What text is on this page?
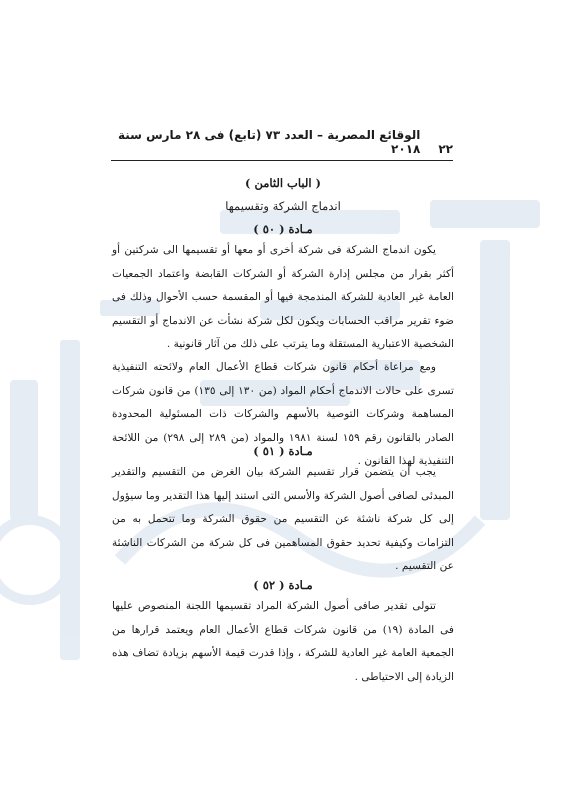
٢٢
الوقائع المصرية – العدد ٧٣ (تابع) فى ٢٨ مارس سنة ٢٠١٨

( الباب الثامن )

اندماج الشركة وتقسيمها

مـادة ( ٥٠ )

يكون اندماج الشركة فى شركة أخرى أو معها أو تقسيمها الى شركتين أو أكثر بقرار من مجلس إدارة الشركة أو الشركات القابضة واعتماد الجمعيات العامة غير العادية للشركة المندمجة فيها أو المقسمة حسب الأحوال وذلك فى ضوء تقرير مراقب الحسابات ويكون لكل شركة نشأت عن الاندماج أو التقسيم الشخصية الاعتبارية المستقلة وما يترتب على ذلك من آثار قانونية .

ومع مراعاة أحكام قانون شركات قطاع الأعمال العام ولائحته التنفيذية تسرى على حالات الاندماج أحكام المواد (من ١٣٠ إلى ١٣٥) من قانون شركات المساهمة وشركات التوصية بالأسهم والشركات ذات المسئولية المحدودة الصادر بالقانون رقم ١٥٩ لسنة ١٩٨١ والمواد (من ٢٨٩ إلى ٢٩٨) من اللائحة التنفيذية لهذا القانون .

مـادة ( ٥١ )

يجب أن يتضمن قرار تقسيم الشركة بيان الغرض من التقسيم والتقدير المبدئى لصافى أصول الشركة والأسس التى استند إليها هذا التقدير وما سيؤول إلى كل شركة ناشئة عن التقسيم من حقوق الشركة وما تتحمل به من التزامات وكيفية تحديد حقوق المساهمين فى كل شركة من الشركات الناشئة عن التقسيم .

مـادة ( ٥٢ )

تتولى تقدير صافى أصول الشركة المراد تقسيمها اللجنة المنصوص عليها فى المادة (١٩) من قانون شركات قطاع الأعمال العام ويعتمد قرارها من الجمعية العامة غير العادية للشركة ، وإذا قدرت قيمة الأسهم بزيادة تضاف هذه الزيادة إلى الاحتياطى .
